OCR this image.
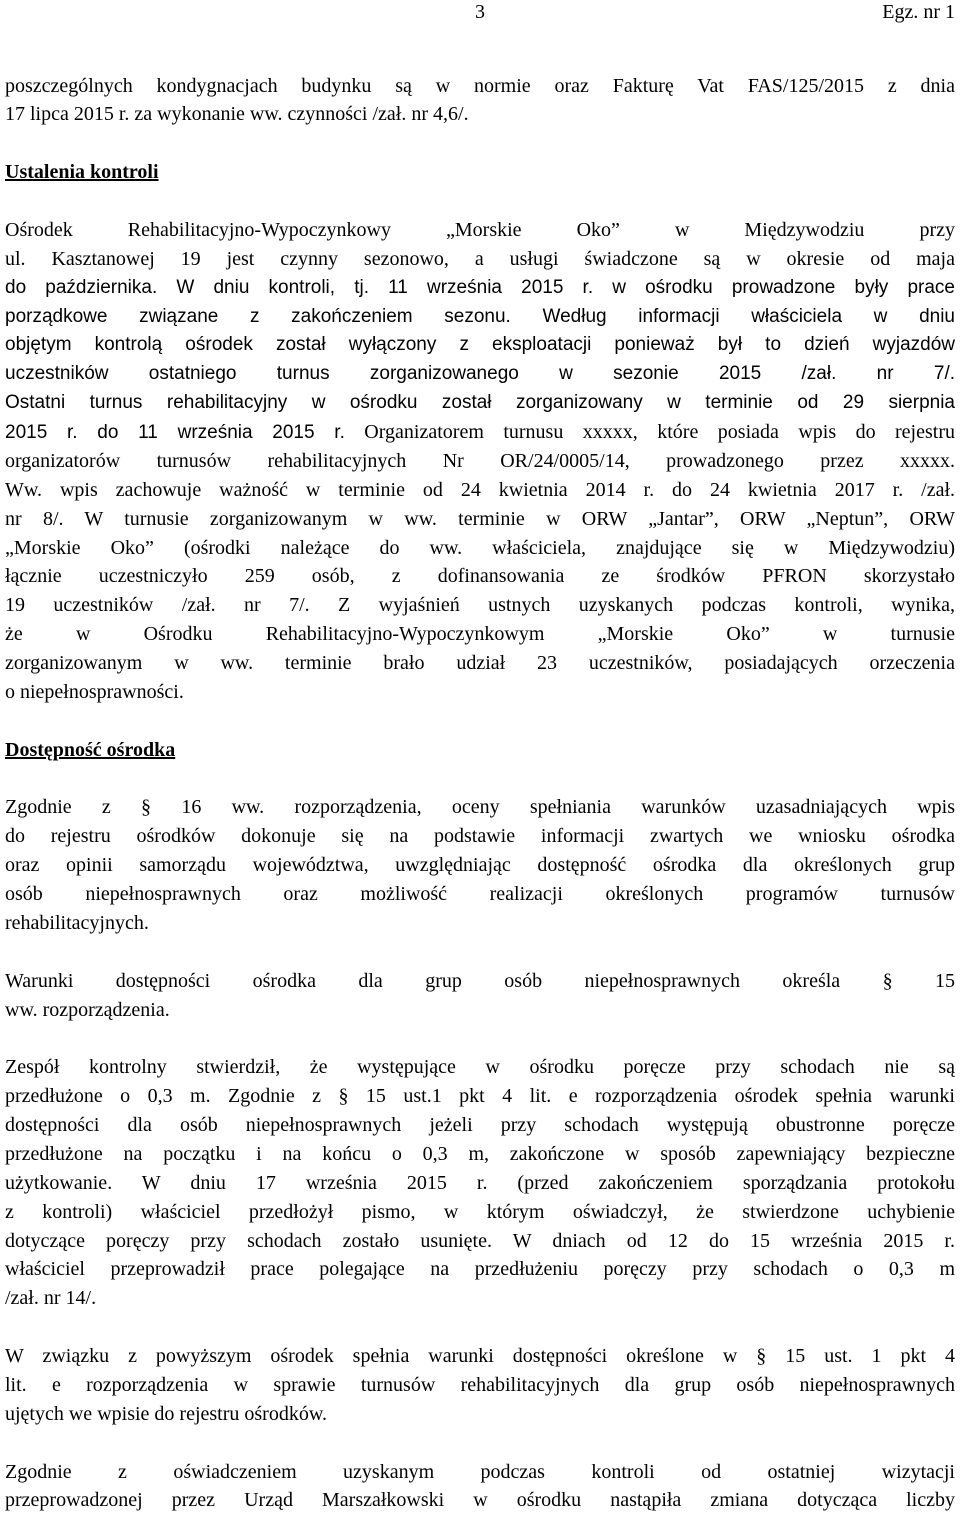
3	Egz. nr 1
poszczególnych kondygnacjach budynku są w normie oraz Fakturę Vat FAS/125/2015 z dnia
17 lipca 2015 r. za wykonanie ww. czynności /zał. nr 4,6/.
Ustalenia kontroli
Ośrodek Rehabilitacyjno-Wypoczynkowy „Morskie Oko” w Międzywodziu przy
ul. Kasztanowej 19 jest czynny sezonowo, a usługi świadczone są w okresie od maja
do października. W dniu kontroli, tj. 11 września 2015 r. w ośrodku prowadzone były prace
porządkowe związane z zakończeniem sezonu. Według informacji właściciela w dniu
objętym kontrolą ośrodek został wyłączony z eksploatacji ponieważ był to dzień wyjazdów
uczestników ostatniego turnus zorganizowanego w sezonie 2015 /zał. nr 7/.
Ostatni turnus rehabilitacyjny w ośrodku został zorganizowany w terminie od 29 sierpnia
2015 r. do 11 września 2015 r. Organizatorem turnusu xxxxx, które posiada wpis do rejestru
organizatorów turnusów rehabilitacyjnych Nr OR/24/0005/14, prowadzonego przez xxxxx.
Ww. wpis zachowuje ważność w terminie od 24 kwietnia 2014 r. do 24 kwietnia 2017 r. /zał.
nr 8/. W turnusie zorganizowanym w ww. terminie w ORW „Jantar”, ORW „Neptun”, ORW
„Morskie Oko” (ośrodki należące do ww. właściciela, znajdujące się w Międzywodziu)
łącznie uczestniczyło 259 osób, z dofinansowania ze środków PFRON skorzystało
19 uczestników /zał. nr 7/. Z wyjaśnień ustnych uzyskanych podczas kontroli, wynika,
że w Ośrodku Rehabilitacyjno-Wypoczynkowym „Morskie Oko” w turnusie
zorganizowanym w ww. terminie brało udział 23 uczestników, posiadających orzeczenia
o niepełnosprawności.
Dostępność ośrodka
Zgodnie z § 16 ww. rozporządzenia, oceny spełniania warunków uzasadniających wpis
do rejestru ośrodków dokonuje się na podstawie informacji zwartych we wniosku ośrodka
oraz opinii samorządu województwa, uwzględniając dostępność ośrodka dla określonych grup
osób niepełnosprawnych oraz możliwość realizacji określonych programów turnusów
rehabilitacyjnych.
Warunki dostępności ośrodka dla grup osób niepełnosprawnych określa § 15
ww. rozporządzenia.
Zespół kontrolny stwierdził, że występujące w ośrodku poręcze przy schodach nie są
przedłużone o 0,3 m. Zgodnie z § 15 ust.1 pkt 4 lit. e rozporządzenia ośrodek spełnia warunki
dostępności dla osób niepełnosprawnych jeżeli przy schodach występują obustronne poręcze
przedłużone na początku i na końcu o 0,3 m, zakończone w sposób zapewniający bezpieczne
użytkowanie. W dniu 17 września 2015 r. (przed zakończeniem sporządzania protokołu
z kontroli) właściciel przedłożył pismo, w którym oświadczył, że stwierdzone uchybienie
dotyczące poręczy przy schodach zostało usunięte. W dniach od 12 do 15 września 2015 r.
właściciel przeprowadził prace polegające na przedłużeniu poręczy przy schodach o 0,3 m
/zał. nr 14/.
W związku z powyższym ośrodek spełnia warunki dostępności określone w § 15 ust. 1 pkt 4
lit. e rozporządzenia w sprawie turnusów rehabilitacyjnych dla grup osób niepełnosprawnych
ujętych we wpisie do rejestru ośrodków.
Zgodnie z oświadczeniem uzyskanym podczas kontroli od ostatniej wizytacji
przeprowadzonej przez Urząd Marszałkowski w ośrodku nastąpiła zmiana dotycząca liczby
